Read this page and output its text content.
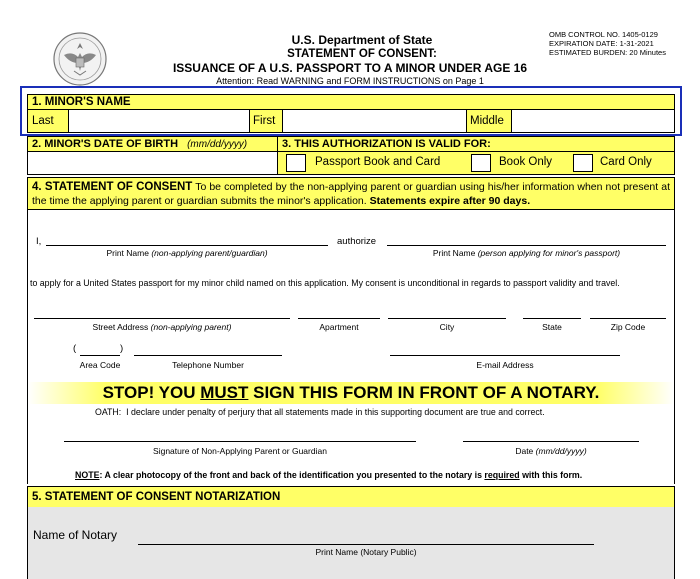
U.S. Department of State
STATEMENT OF CONSENT:
ISSUANCE OF A U.S. PASSPORT TO A MINOR UNDER AGE 16
Attention: Read WARNING and FORM INSTRUCTIONS on Page 1
OMB CONTROL NO. 1405-0129
EXPIRATION DATE: 1-31-2021
ESTIMATED BURDEN: 20 Minutes
1. MINOR'S NAME
Last	First	Middle
2. MINOR'S DATE OF BIRTH (mm/dd/yyyy)	3. THIS AUTHORIZATION IS VALID FOR:
Passport Book and Card	Book Only	Card Only
4. STATEMENT OF CONSENT To be completed by the non-applying parent or guardian using his/her information when not present at the time the applying parent or guardian submits the minor's application. Statements expire after 90 days.
I,	authorize
Print Name (non-applying parent/guardian)	Print Name (person applying for minor's passport)
to apply for a United States passport for my minor child named on this application. My consent is unconditional in regards to passport validity and travel.
Street Address (non-applying parent)	Apartment	City	State	Zip Code
(	)
Area Code	Telephone Number	E-mail Address
STOP! YOU MUST SIGN THIS FORM IN FRONT OF A NOTARY.
OATH: I declare under penalty of perjury that all statements made in this supporting document are true and correct.
Signature of Non-Applying Parent or Guardian	Date (mm/dd/yyyy)
NOTE: A clear photocopy of the front and back of the identification you presented to the notary is required with this form.
5. STATEMENT OF CONSENT NOTARIZATION
Name of Notary
Print Name (Notary Public)
